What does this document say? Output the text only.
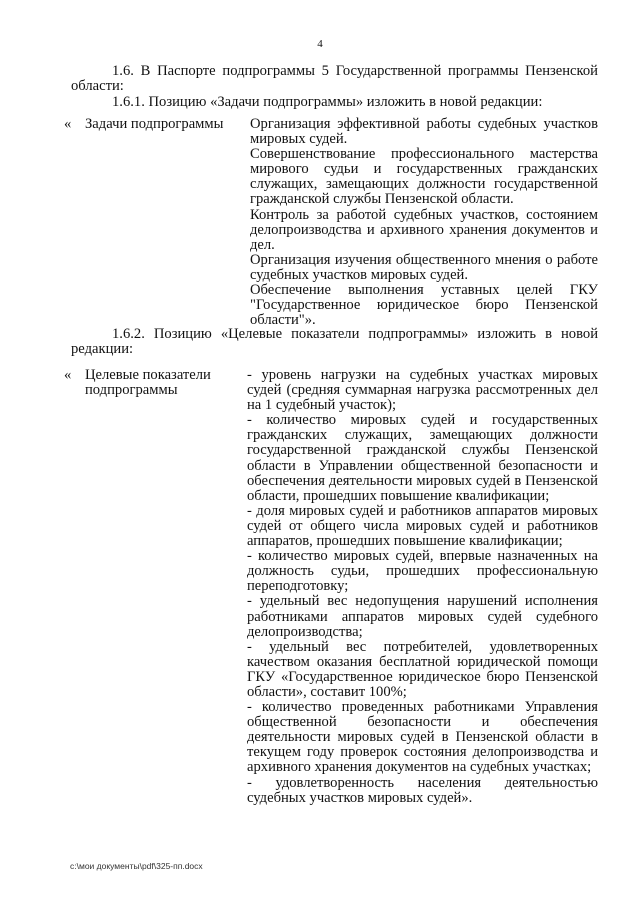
4

1.6. В Паспорте подпрограммы 5 Государственной программы Пензенской области:

1.6.1. Позицию «Задачи подпрограммы» изложить в новой редакции:

« Задачи подпрограммы	Организация эффективной работы судебных участков мировых судей.

Совершенствование профессионального мастерства мирового судьи и государственных гражданских служащих, замещающих должности государственной гражданской службы Пензенской области.

Контроль за работой судебных участков, состоянием делопроизводства и архивного хранения документов и дел.

Организация изучения общественного мнения о работе судебных участков мировых судей.

Обеспечение выполнения уставных целей ГКУ "Государственное юридическое бюро Пензенской области"».

1.6.2. Позицию «Целевые показатели подпрограммы» изложить в новой редакции:

« Целевые показатели подпрограммы

- уровень нагрузки на судебных участках мировых судей (средняя суммарная нагрузка рассмотренных дел на 1 судебный участок);

- количество мировых судей и государственных гражданских служащих, замещающих должности государственной гражданской службы Пензенской области в Управлении общественной безопасности и обеспечения деятельности мировых судей в Пензенской области, прошедших повышение квалификации;

- доля мировых судей и работников аппаратов мировых судей от общего числа мировых судей и работников аппаратов, прошедших повышение квалификации;

- количество мировых судей, впервые назначенных на должность судьи, прошедших профессиональную переподготовку;

- удельный вес недопущения нарушений исполнения работниками аппаратов мировых судей судебного делопроизводства;

- удельный вес потребителей, удовлетворенных качеством оказания бесплатной юридической помощи ГКУ «Государственное юридическое бюро Пензенской области», составит 100%;

- количество проведенных работниками Управления общественной безопасности и обеспечения деятельности мировых судей в Пензенской области в текущем году проверок состояния делопроизводства и архивного хранения документов на судебных участках;

- удовлетворенность населения деятельностью судебных участков мировых судей».

c:\мои документы\pdf\325-пп.docx
